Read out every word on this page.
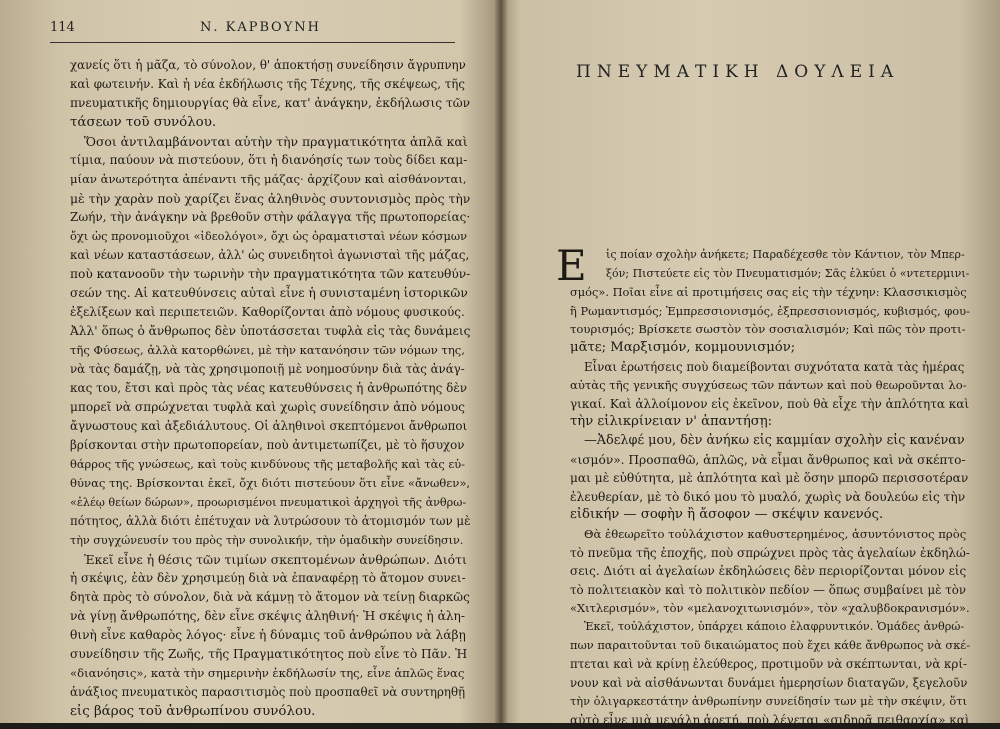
114	Ν. ΚΑΡΒΟΥΝΗ
χανείς ὅτι ἡ μᾶζα, τὸ σύνολον, θ' ἀποκτήσῃ συνείδησιν ἄγρυπνην
καὶ φωτεινήν. Καὶ ἡ νέα ἐκδήλωσις τῆς Τέχνης, τῆς σκέψεως, τῆς
πνευματικῆς δημιουργίας θὰ εἶνε, κατ' ἀνάγκην, ἐκδήλωσις τῶν
τάσεων τοῦ συνόλου.
Ὅσοι ἀντιλαμβάνονται αὐτὴν τὴν πραγματικότητα ἁπλᾶ καὶ
τίμια, παύουν νὰ πιστεύουν, ὅτι ἡ διανόησίς των τοὺς δίδει καμ-
μίαν ἀνωτερότητα ἀπέναντι τῆς μάζας· ἀρχίζουν καὶ αἰσθάνονται,
μὲ τὴν χαρὰν ποὺ χαρίζει ἕνας ἀληθινὸς συντονισμὸς πρὸς τὴν
Ζωήν, τὴν ἀνάγκην νὰ βρεθοῦν στὴν φάλαγγα τῆς πρωτοπορείας·
ὄχι ὡς προνομιοῦχοι «ἰδεολόγοι», ὄχι ὡς ὁραματισταὶ νέων κόσμων
καὶ νέων καταστάσεων, ἀλλ' ὡς συνειδητοὶ ἀγωνισταὶ τῆς μάζας,
ποὺ κατανοοῦν τὴν τωρινὴν τὴν πραγματικότητα τῶν κατευθύν-
σεών της. Αἱ κατευθύνσεις αὐταὶ εἶνε ἡ συνισταμένη ἱστορικῶν
ἐξελίξεων καὶ περιπετειῶν. Καθορίζονται ἀπὸ νόμους φυσικούς.
Ἀλλ' ὅπως ὁ ἄνθρωπος δὲν ὑποτάσσεται τυφλὰ εἰς τὰς δυνάμεις
τῆς Φύσεως, ἀλλὰ κατορθώνει, μὲ τὴν κατανόησιν τῶν νόμων της,
νὰ τὰς δαμάζῃ, νὰ τὰς χρησιμοποιῇ μὲ νοημοσύνην διὰ τὰς ἀνάγ-
κας του, ἔτσι καὶ πρὸς τὰς νέας κατευθύνσεις ἡ ἀνθρωπότης δὲν
μπορεῖ νὰ σπρώχνεται τυφλὰ καὶ χωρὶς συνείδησιν ἀπὸ νόμους
ἄγνωστους καὶ ἀξεδιάλυτους. Οἱ ἀληθινοὶ σκεπτόμενοι ἄνθρωποι
βρίσκονται στὴν πρωτοπορείαν, ποὺ ἀντιμετωπίζει, μὲ τὸ ἥσυχον
θάρρος τῆς γνώσεως, καὶ τοὺς κινδύνους τῆς μεταβολῆς καὶ τὰς εὐ-
θύνας της. Βρίσκονται ἐκεῖ, ὄχι διότι πιστεύουν ὅτι εἶνε «ἄνωθεν»,
«ἐλέῳ θείων δώρων», προωρισμένοι πνευματικοὶ ἀρχηγοὶ τῆς ἀνθρω-
πότητος, ἀλλὰ διότι ἐπέτυχαν νὰ λυτρώσουν τὸ ἀτομισμόν των μὲ
τὴν συγχώνευσίν του πρὸς τὴν συνολικήν, τὴν ὁμαδικὴν συνείδησιν.
Ἐκεῖ εἶνε ἡ θέσις τῶν τιμίων σκεπτομένων ἀνθρώπων. Διότι
ἡ σκέψις, ἐὰν δὲν χρησιμεύῃ διὰ νὰ ἐπαναφέρῃ τὸ ἄτομον συνει-
δητὰ πρὸς τὸ σύνολον, διὰ νὰ κάμνῃ τὸ ἄτομον νὰ τείνῃ διαρκῶς
νὰ γίνῃ ἄνθρωπότης, δὲν εἶνε σκέψις ἀληθινή· Ἡ σκέψις ἡ ἀλη-
θινὴ εἶνε καθαρὸς λόγος· εἶνε ἡ δύναμις τοῦ ἀνθρώπου νὰ λάβῃ
συνείδησιν τῆς Ζωῆς, τῆς Πραγματικότητος ποὺ εἶνε τὸ Πᾶν. Ἡ
«διανόησις», κατὰ τὴν σημερινὴν ἐκδήλωσίν της, εἶνε ἁπλῶς ἕνας
ἀνάξιος πνευματικὸς παρασιτισμὸς ποὺ προσπαθεῖ νὰ συντηρηθῇ
εἰς βάρος τοῦ ἀνθρωπίνου συνόλου.
ΠΝΕΥΜΑΤΙΚΗ ΔΟΥΛΕΙΑ
Ε	ἰς ποίαν σχολὴν ἀνήκετε; Παραδέχεσθε τὸν Κάντιον, τὸν Μπερ-
ξόν; Πιστεύετε εἰς τὸν Πνευματισμόν; Σᾶς ἑλκύει ὁ «ντετερμινι-
σμός». Ποῖαι εἶνε αἱ προτιμήσεις σας εἰς τὴν τέχνην: Κλασσικισμὸς
ἢ Ρωμαντισμός; Ἐμπρεσσιονισμός, ἐξπρεσσιονισμός, κυβισμός, φου-
τουρισμός; Βρίσκετε σωστὸν τὸν σοσιαλισμόν; Καὶ πῶς τὸν προτι-
μᾶτε; Μαρξισμόν, κομμουνισμόν;
Εἶναι ἐρωτήσεις ποὺ διαμείβονται συχνότατα κατὰ τὰς ἡμέρας
αὐτὰς τῆς γενικῆς συγχύσεως τῶν πάντων καὶ ποὺ θεωροῦνται λο-
γικαί. Καὶ ἀλλοίμονον εἰς ἐκεῖνον, ποὺ θὰ εἶχε τὴν ἁπλότητα καὶ
τὴν εἰλικρίνειαν ν' ἀπαντήσῃ:
—Ἀδελφέ μου, δὲν ἀνήκω εἰς καμμίαν σχολὴν εἰς κανέναν
«ισμόν». Προσπαθῶ, ἁπλῶς, νὰ εἶμαι ἄνθρωπος καὶ νὰ σκέπτο-
μαι μὲ εὐθύτητα, μὲ ἁπλότητα καὶ μὲ ὅσην μπορῶ περισσοτέραν
ἐλευθερίαν, μὲ τὸ δικό μου τὸ μυαλό, χωρὶς νὰ δουλεύω εἰς τὴν
εἰδικήν — σοφὴν ἢ ἄσοφον — σκέψιν κανενός.
Θὰ ἐθεωρεῖτο τοὐλάχιστον καθυστερημένος, ἀσυντόνιστος πρὸς
τὸ πνεῦμα τῆς ἐποχῆς, ποὺ σπρώχνει πρὸς τὰς ἀγελαίων ἐκδηλώ-
σεις. Διότι αἱ ἀγελαίων ἐκδηλώσεις δὲν περιορίζονται μόνον εἰς
τὸ πολιτειακὸν καὶ τὸ πολιτικὸν πεδίον — ὅπως συμβαίνει μὲ τὸν
«Χιτλερισμόν», τὸν «μελανοχιτωνισμόν», τὸν «χαλυβδοκρανισμόν».
Ἐκεῖ, τοὐλάχιστον, ὑπάρχει κάποιο ἐλαφρυντικόν. Ὁμάδες ἀνθρώ-
πων παραιτοῦνται τοῦ δικαιώματος ποὺ ἔχει κάθε ἄνθρωπος νὰ σκέ-
πτεται καὶ νὰ κρίνῃ ἐλεύθερος, προτιμοῦν νὰ σκέπτωνται, νὰ κρί-
νουν καὶ νὰ αἰσθάνωνται δυνάμει ἡμερησίων διαταγῶν, ξεγελοῦν
τὴν ὀλιγαρκεστάτην ἀνθρωπίνην συνείδησίν των μὲ τὴν σκέψιν, ὅτι
αὐτὸ εἶνε μιὰ μεγάλη ἀρετή, ποὺ λέγεται «σιδηρᾶ πειθαρχία» καὶ
